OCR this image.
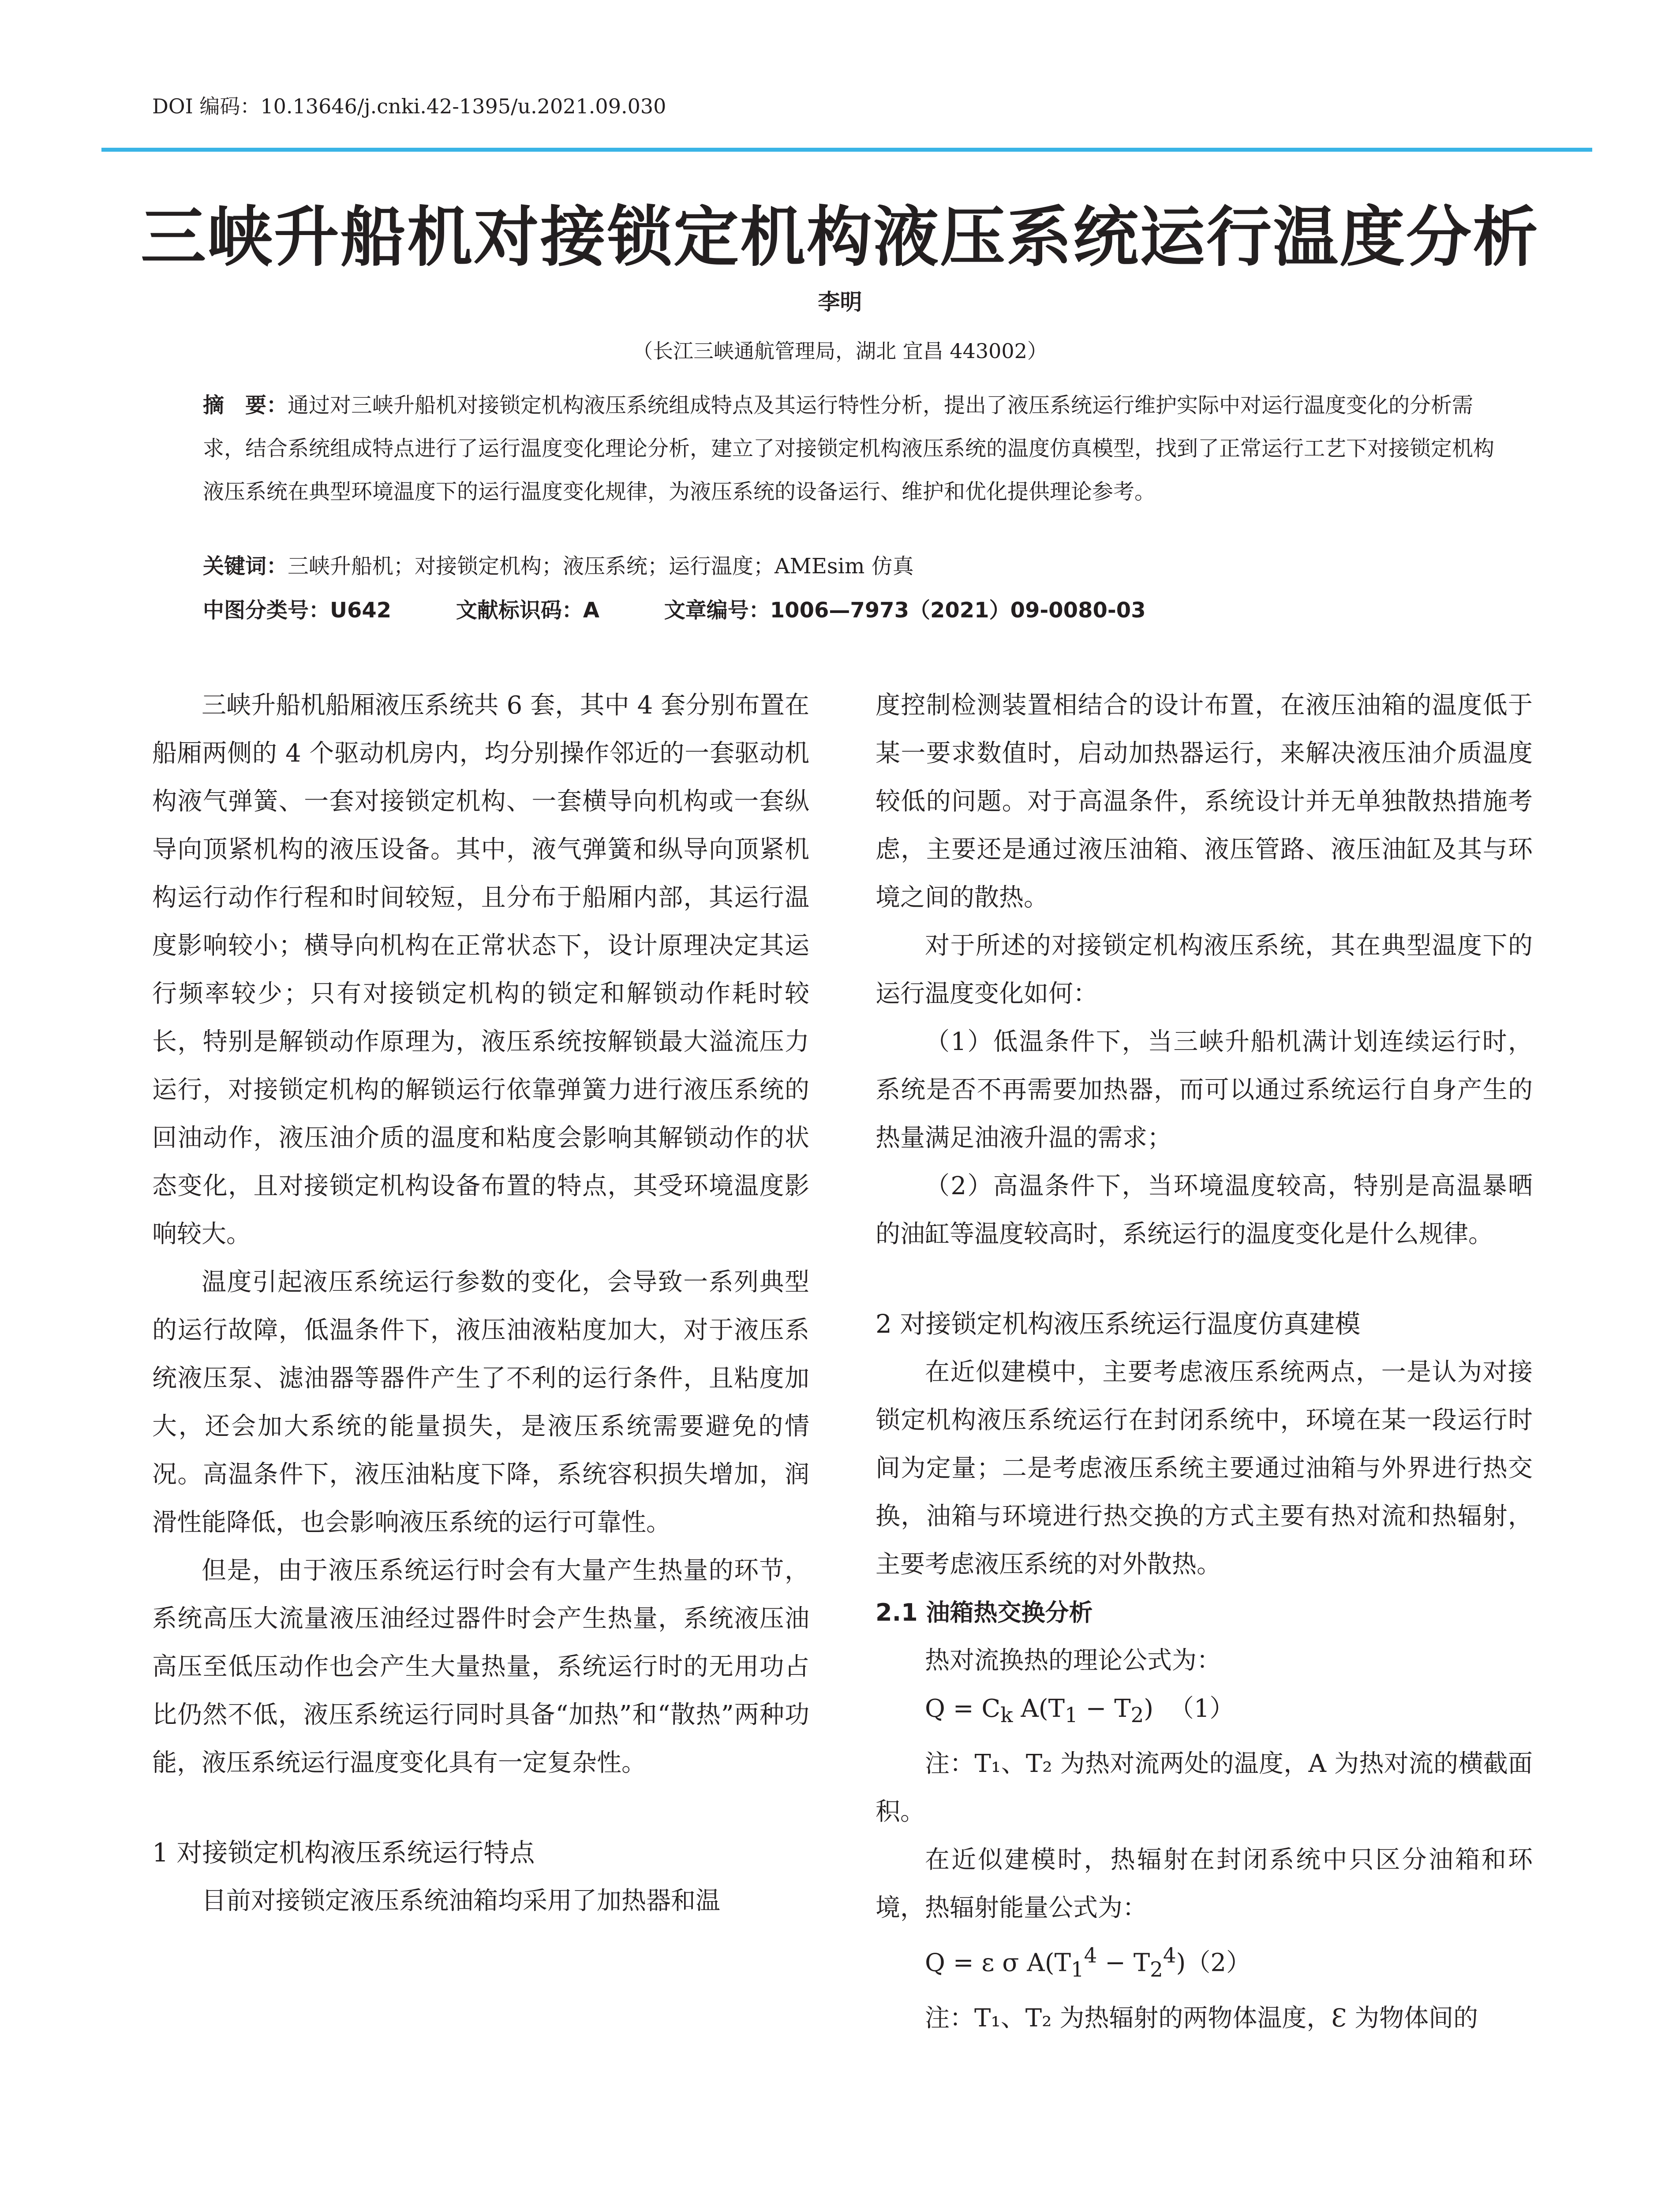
DOI 编码：10.13646/j.cnki.42-1395/u.2021.09.030
三峡升船机对接锁定机构液压系统运行温度分析
李明
（长江三峡通航管理局，湖北 宜昌 443002）
摘　要：通过对三峡升船机对接锁定机构液压系统组成特点及其运行特性分析，提出了液压系统运行维护实际中对运行温度变化的分析需求，结合系统组成特点进行了运行温度变化理论分析，建立了对接锁定机构液压系统的温度仿真模型，找到了正常运行工艺下对接锁定机构液压系统在典型环境温度下的运行温度变化规律，为液压系统的设备运行、维护和优化提供理论参考。
关键词：三峡升船机；对接锁定机构；液压系统；运行温度；AMEsim 仿真
中图分类号：U642	文献标识码：A	文章编号：1006—7973（2021）09-0080-03

三峡升船机船厢液压系统共 6 套，其中 4 套分别布置在船厢两侧的 4 个驱动机房内，均分别操作邻近的一套驱动机构液气弹簧、一套对接锁定机构、一套横导向机构或一套纵导向顶紧机构的液压设备。其中，液气弹簧和纵导向顶紧机构运行动作行程和时间较短，且分布于船厢内部，其运行温度影响较小；横导向机构在正常状态下，设计原理决定其运行频率较少；只有对接锁定机构的锁定和解锁动作耗时较长，特别是解锁动作原理为，液压系统按解锁最大溢流压力运行，对接锁定机构的解锁运行依靠弹簧力进行液压系统的回油动作，液压油介质的温度和粘度会影响其解锁动作的状态变化，且对接锁定机构设备布置的特点，其受环境温度影响较大。

温度引起液压系统运行参数的变化，会导致一系列典型的运行故障，低温条件下，液压油液粘度加大，对于液压系统液压泵、滤油器等器件产生了不利的运行条件，且粘度加大，还会加大系统的能量损失，是液压系统需要避免的情况。高温条件下，液压油粘度下降，系统容积损失增加，润滑性能降低，也会影响液压系统的运行可靠性。

但是，由于液压系统运行时会有大量产生热量的环节，系统高压大流量液压油经过器件时会产生热量，系统液压油高压至低压动作也会产生大量热量，系统运行时的无用功占比仍然不低，液压系统运行同时具备“加热”和“散热”两种功能，液压系统运行温度变化具有一定复杂性。

1 对接锁定机构液压系统运行特点

目前对接锁定液压系统油箱均采用了加热器和温

度控制检测装置相结合的设计布置，在液压油箱的温度低于某一要求数值时，启动加热器运行，来解决液压油介质温度较低的问题。对于高温条件，系统设计并无单独散热措施考虑，主要还是通过液压油箱、液压管路、液压油缸及其与环境之间的散热。

对于所述的对接锁定机构液压系统，其在典型温度下的运行温度变化如何：

（1）低温条件下，当三峡升船机满计划连续运行时，系统是否不再需要加热器，而可以通过系统运行自身产生的热量满足油液升温的需求；

（2）高温条件下，当环境温度较高，特别是高温暴晒的油缸等温度较高时，系统运行的温度变化是什么规律。

2 对接锁定机构液压系统运行温度仿真建模

在近似建模中，主要考虑液压系统两点，一是认为对接锁定机构液压系统运行在封闭系统中，环境在某一段运行时间为定量；二是考虑液压系统主要通过油箱与外界进行热交换，油箱与环境进行热交换的方式主要有热对流和热辐射，主要考虑液压系统的对外散热。

2.1 油箱热交换分析

热对流换热的理论公式为：

$Q = C_k$ $A(T_1 - T_2)$ （1）

注：T₁、T₂ 为热对流两处的温度，A 为热对流的横截面积。

在近似建模时，热辐射在封闭系统中只区分油箱和环境，热辐射能量公式为：

Q = ε σ $A(T_1^4 - T_2^4)(2)$

注：T₁、T₂ 为热辐射的两物体温度，Ɛ 为物体间的
